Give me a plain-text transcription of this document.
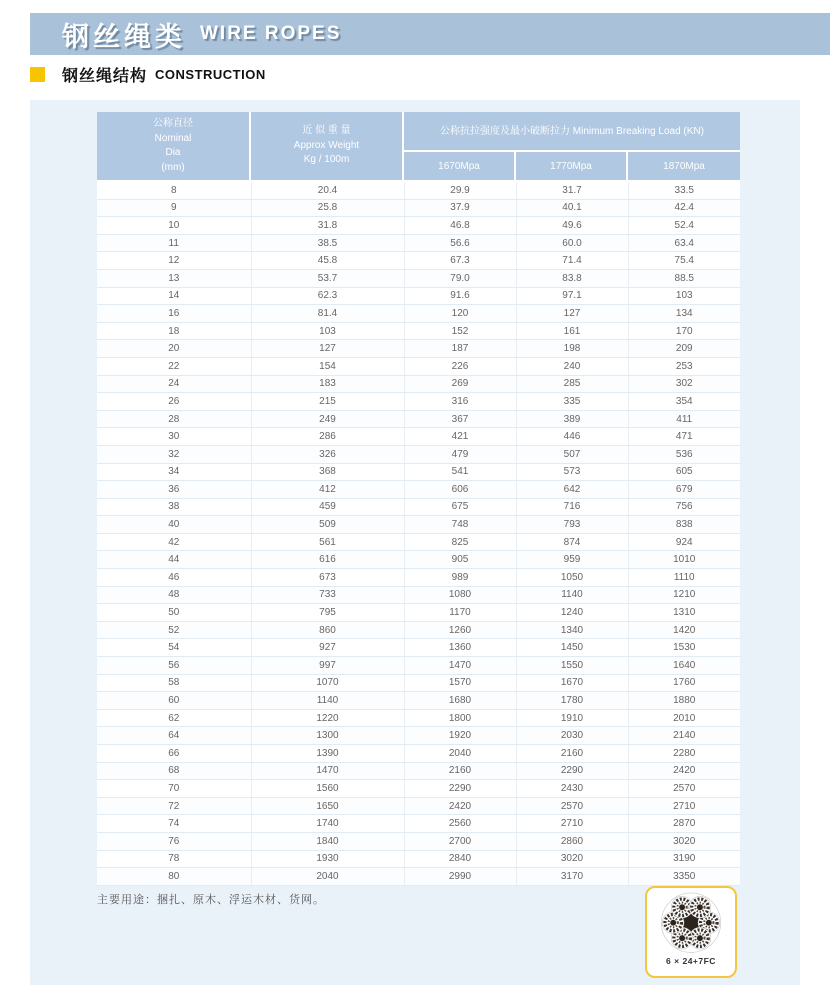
钢丝绳类 WIRE ROPES
钢丝绳结构 CONSTRUCTION
公称直径
Nominal
Dia
(mm)
近 似 重 量
Approx Weight
Kg / 100m
公称抗拉强度及最小破断拉力 Minimum Breaking Load (KN)
1670Mpa	1770Mpa	1870Mpa
8	20.4	29.9	31.7	33.5
9	25.8	37.9	40.1	42.4
10	31.8	46.8	49.6	52.4
11	38.5	56.6	60.0	63.4
12	45.8	67.3	71.4	75.4
13	53.7	79.0	83.8	88.5
14	62.3	91.6	97.1	103
16	81.4	120	127	134
18	103	152	161	170
20	127	187	198	209
22	154	226	240	253
24	183	269	285	302
26	215	316	335	354
28	249	367	389	411
30	286	421	446	471
32	326	479	507	536
34	368	541	573	605
36	412	606	642	679
38	459	675	716	756
40	509	748	793	838
42	561	825	874	924
44	616	905	959	1010
46	673	989	1050	1110
48	733	1080	1140	1210
50	795	1170	1240	1310
52	860	1260	1340	1420
54	927	1360	1450	1530
56	997	1470	1550	1640
58	1070	1570	1670	1760
60	1140	1680	1780	1880
62	1220	1800	1910	2010
64	1300	1920	2030	2140
66	1390	2040	2160	2280
68	1470	2160	2290	2420
70	1560	2290	2430	2570
72	1650	2420	2570	2710
74	1740	2560	2710	2870
76	1840	2700	2860	3020
78	1930	2840	3020	3190
80	2040	2990	3170	3350
主要用途：捆扎、原木、浮运木材、货网。
6 × 24+7FC
